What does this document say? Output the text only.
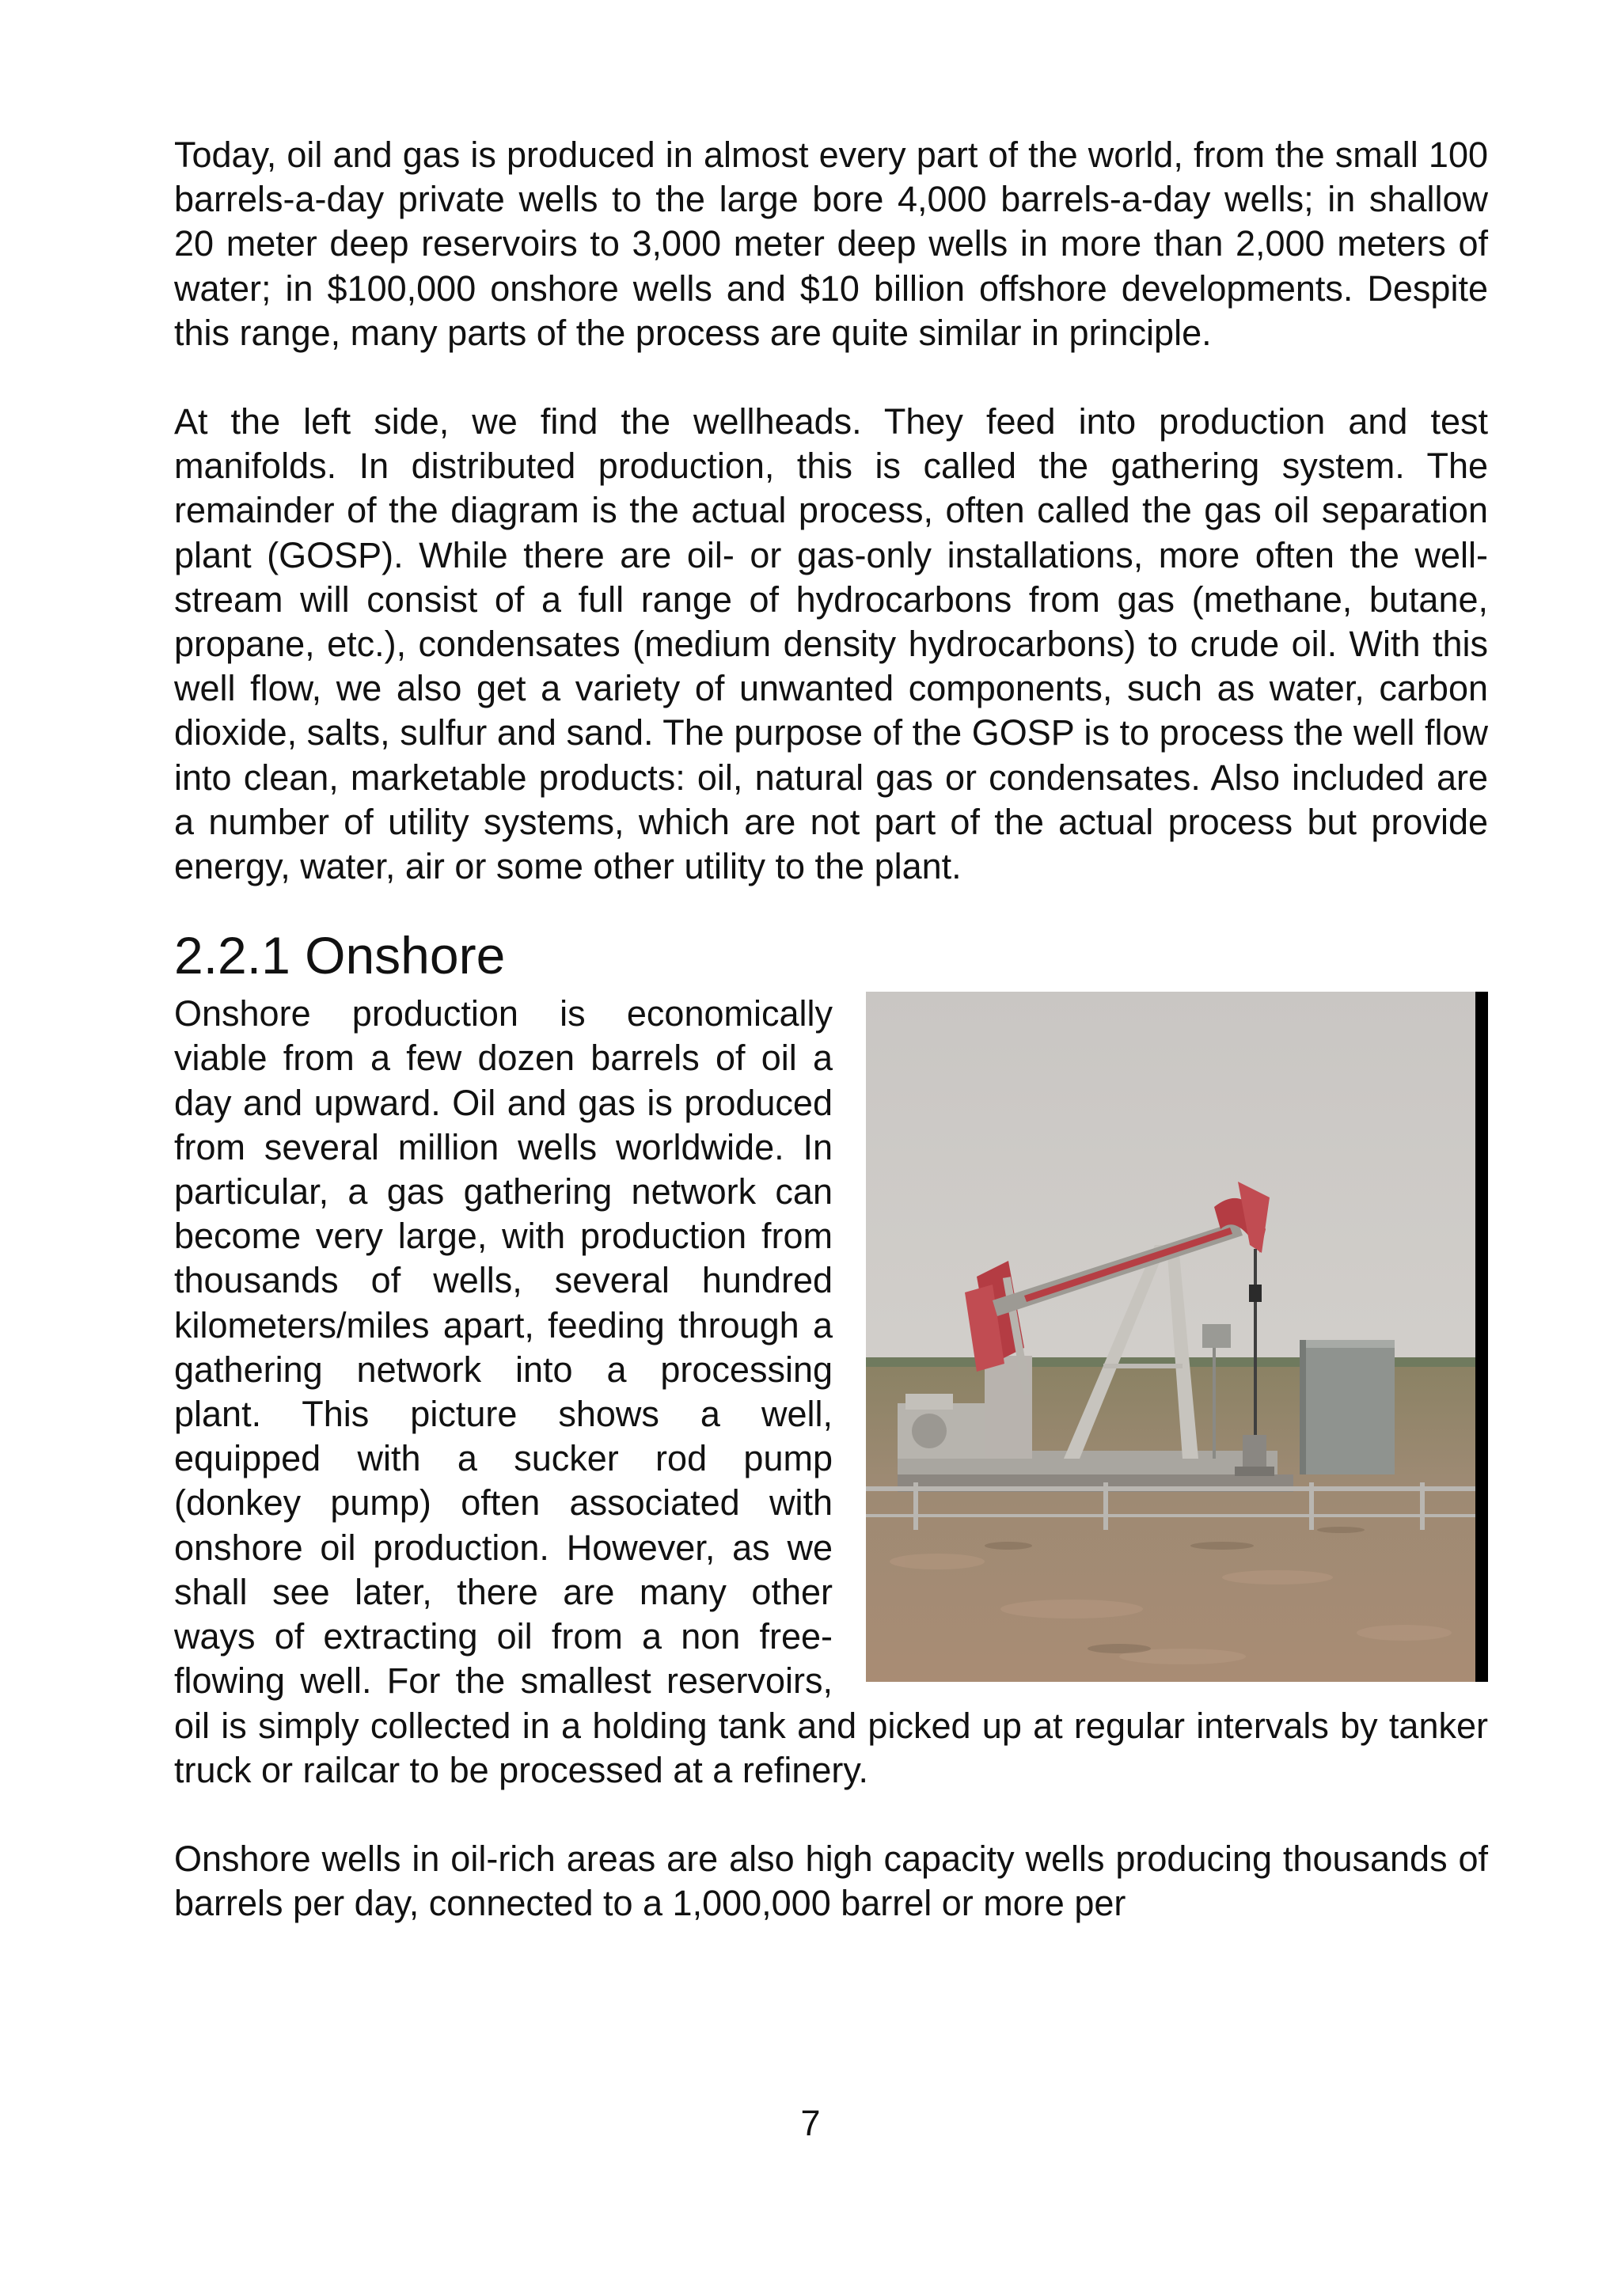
Today, oil and gas is produced in almost every part of the world, from the small 100 barrels-a-day private wells to the large bore 4,000 barrels-a-day wells; in shallow 20 meter deep reservoirs to 3,000 meter deep wells in more than 2,000 meters of water; in $100,000 onshore wells and $10 billion offshore developments. Despite this range, many parts of the process are quite similar in principle.

At the left side, we find the wellheads. They feed into production and test manifolds. In distributed production, this is called the gathering system. The remainder of the diagram is the actual process, often called the gas oil separation plant (GOSP). While there are oil- or gas-only installations, more often the well-stream will consist of a full range of hydrocarbons from gas (methane, butane, propane, etc.), condensates (medium density hydrocarbons) to crude oil. With this well flow, we also get a variety of unwanted components, such as water, carbon dioxide, salts, sulfur and sand. The purpose of the GOSP is to process the well flow into clean, marketable products: oil, natural gas or condensates. Also included are a number of utility systems, which are not part of the actual process but provide energy, water, air or some other utility to the plant.

2.2.1 Onshore

Onshore production is economically viable from a few dozen barrels of oil a day and upward. Oil and gas is produced from several million wells worldwide. In particular, a gas gathering network can become very large, with production from thousands of wells, several hundred kilometers/miles apart, feeding through a gathering network into a processing plant. This picture shows a well, equipped with a sucker rod pump (donkey pump) often associated with onshore oil production. However, as we shall see later, there are many other ways of extracting oil from a non free-flowing well. For the smallest reservoirs, oil is simply collected in a holding tank and picked up at regular intervals by tanker truck or railcar to be processed at a refinery.

Onshore wells in oil-rich areas are also high capacity wells producing thousands of barrels per day, connected to a 1,000,000 barrel or more per

7
